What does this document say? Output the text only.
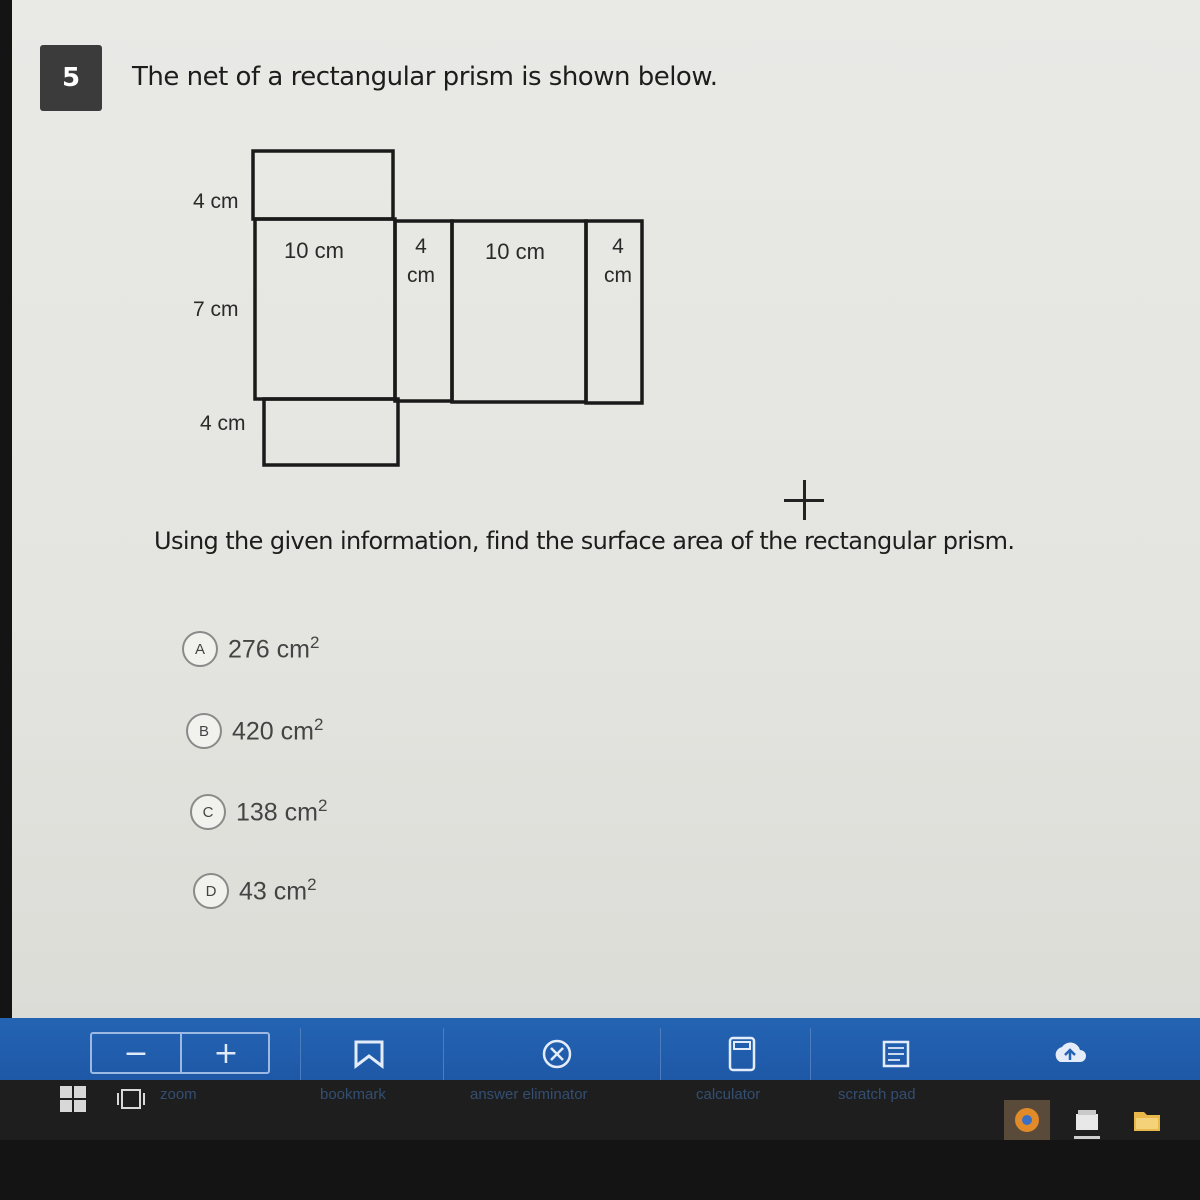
5	The net of a rectangular prism is shown below.
4 cm
7 cm
4 cm
10 cm	4
cm
10 cm	4
cm
Using the given information, find the surface area of the rectangular prism.
A 276 $cm^2$
B 420 $cm^2$
C 138 $cm^2$
D 43 $cm^2$
−	+
zoom	bookmark	answer eliminator	calculator	scratch pad
